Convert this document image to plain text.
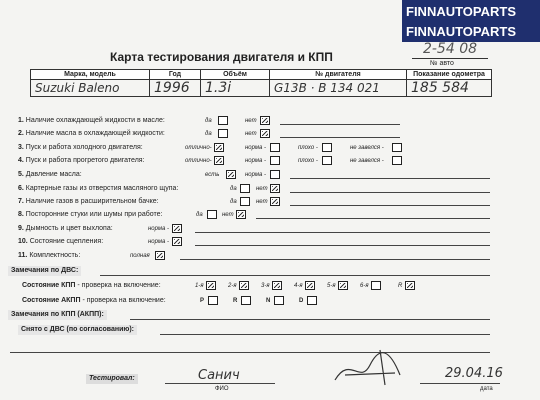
FINNAUTOPARTS
FINNAUTOPARTS
Карта тестирования двигателя и КПП	2-54 08
№ авто
Марка, модель	Год	Объём	№ двигателя	Показание одометра
Suzuki Baleno	1996	1.3i	G13B · B 134 021	185 584
1. Наличие охлаждающей жидкости в масле:	да	нет
2. Наличие масла в охлаждающей жидкости:	да	нет
3. Пуск и работа холодного двигателя:	отлично-	норма -	плохо -	не завелся -
4. Пуск и работа прогретого двигателя:	отлично-	норма -	плохо -	не завелся -
5. Давление масла:	есть	норма -
6. Картерные газы из отверстия масляного щупа:	да	нет
7. Наличие газов в расширительном бачке:	да	нет
8. Посторонние стуки или шумы при работе:	да	нет
9. Дымность и цвет выхлопа:	норма -
10. Состояние сцепления:	норма -
11. Комплектность:	полная
Замечания по ДВС:
Состояние КПП - проверка на включение:	1-я	2-я	3-я	4-я	5-я	6-я	R
Состояние АКПП - проверка на включение:	P	R	N	D
Замечания по КПП (АКПП):
Снято с ДВС (по согласованию):
Тестировал:	Санич
ФИО
29.04.16
дата
